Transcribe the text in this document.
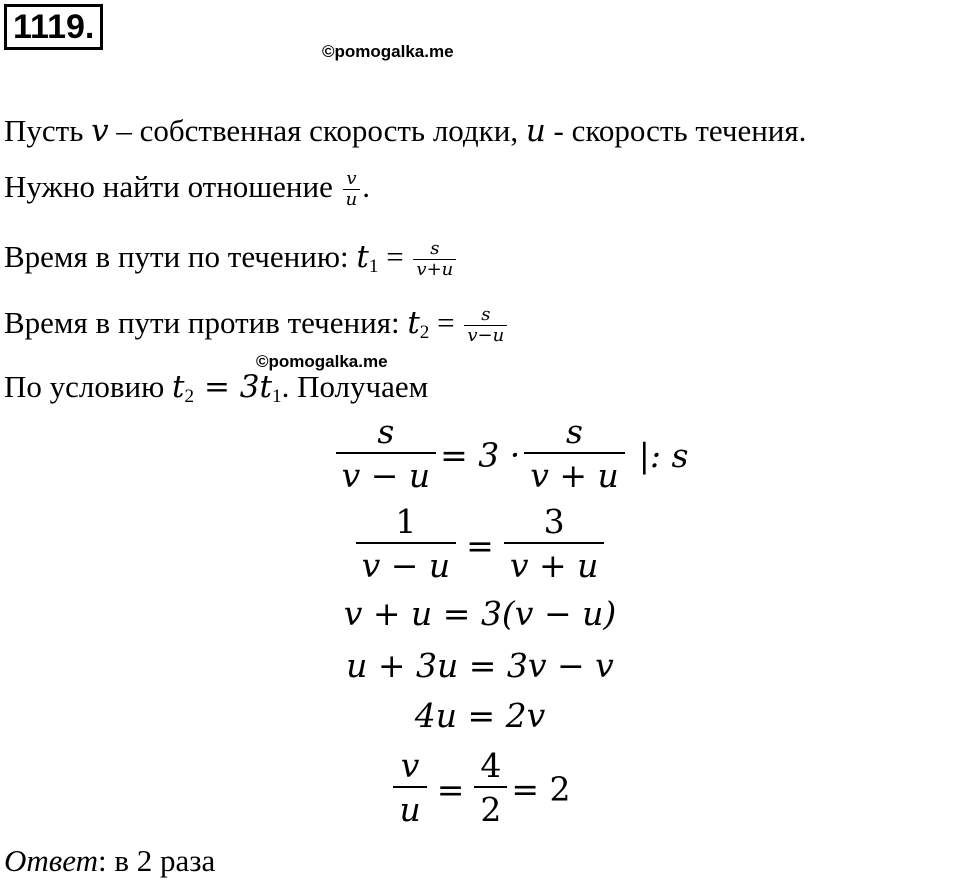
1119.
©pomogalka.me
Пусть v – собственная скорость лодки, u - скорость течения.
Нужно найти отношение $\frac{v}{u}$ .
Время в пути по течению: $t_1 = \frac{s}{v+u}$
Время в пути против течения: $t_2 = \frac{s}{v-u}$
©pomogalka.me
По условию $t_2 = 3t_1$. Получаем
$\frac{s}{v - u} = 3 \cdot \frac{s}{v + u}$ |: s
$\frac{1}{v - u} = \frac{3}{v + u}$
v + u = 3(v − u)
u + 3u = 3v − v
4u = 2v
$\frac{v}{u} = \frac{4}{2} = 2$
Ответ: в 2 раза
